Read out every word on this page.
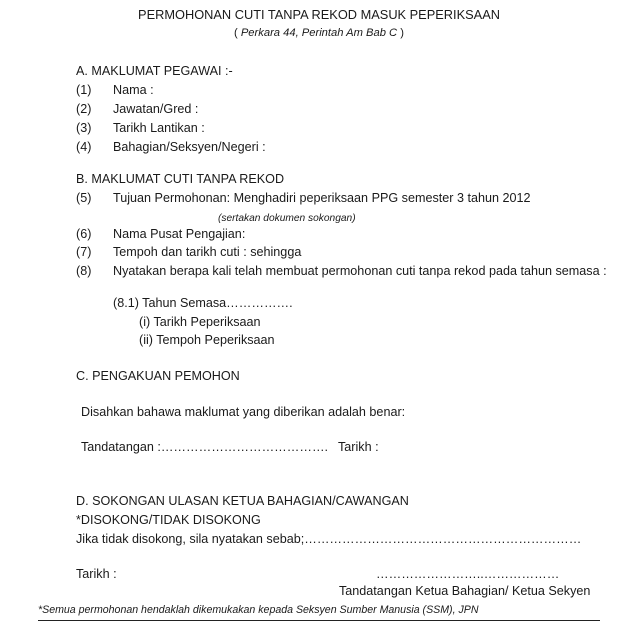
PERMOHONAN CUTI TANPA REKOD MASUK PEPERIKSAAN
( Perkara 44, Perintah Am Bab C )
A. MAKLUMAT PEGAWAI :-
(1) Nama :
(2) Jawatan/Gred :
(3) Tarikh Lantikan :
(4) Bahagian/Seksyen/Negeri :
B. MAKLUMAT CUTI TANPA REKOD
(5) Tujuan Permohonan: Menghadiri peperiksaan PPG semester 3 tahun 2012
(sertakan dokumen sokongan)
(6) Nama Pusat Pengajian:
(7) Tempoh dan tarikh cuti : sehingga
(8) Nyatakan berapa kali telah membuat permohonan cuti tanpa rekod pada tahun semasa :
(8.1) Tahun Semasa…………….
(i) Tarikh Peperiksaan
(ii) Tempoh Peperiksaan
C. PENGAKUAN PEMOHON
Disahkan bahawa maklumat yang diberikan adalah benar:
Tandatangan :…………………………………. Tarikh :
D. SOKONGAN ULASAN KETUA BAHAGIAN/CAWANGAN
*DISOKONG/TIDAK DISOKONG
Jika tidak disokong, sila nyatakan sebab;…………………………………………………………
Tarikh :	……………………..………………
Tandatangan Ketua Bahagian/ Ketua Sekyen
*Semua permohonan hendaklah dikemukakan kepada Seksyen Sumber Manusia (SSM), JPN
